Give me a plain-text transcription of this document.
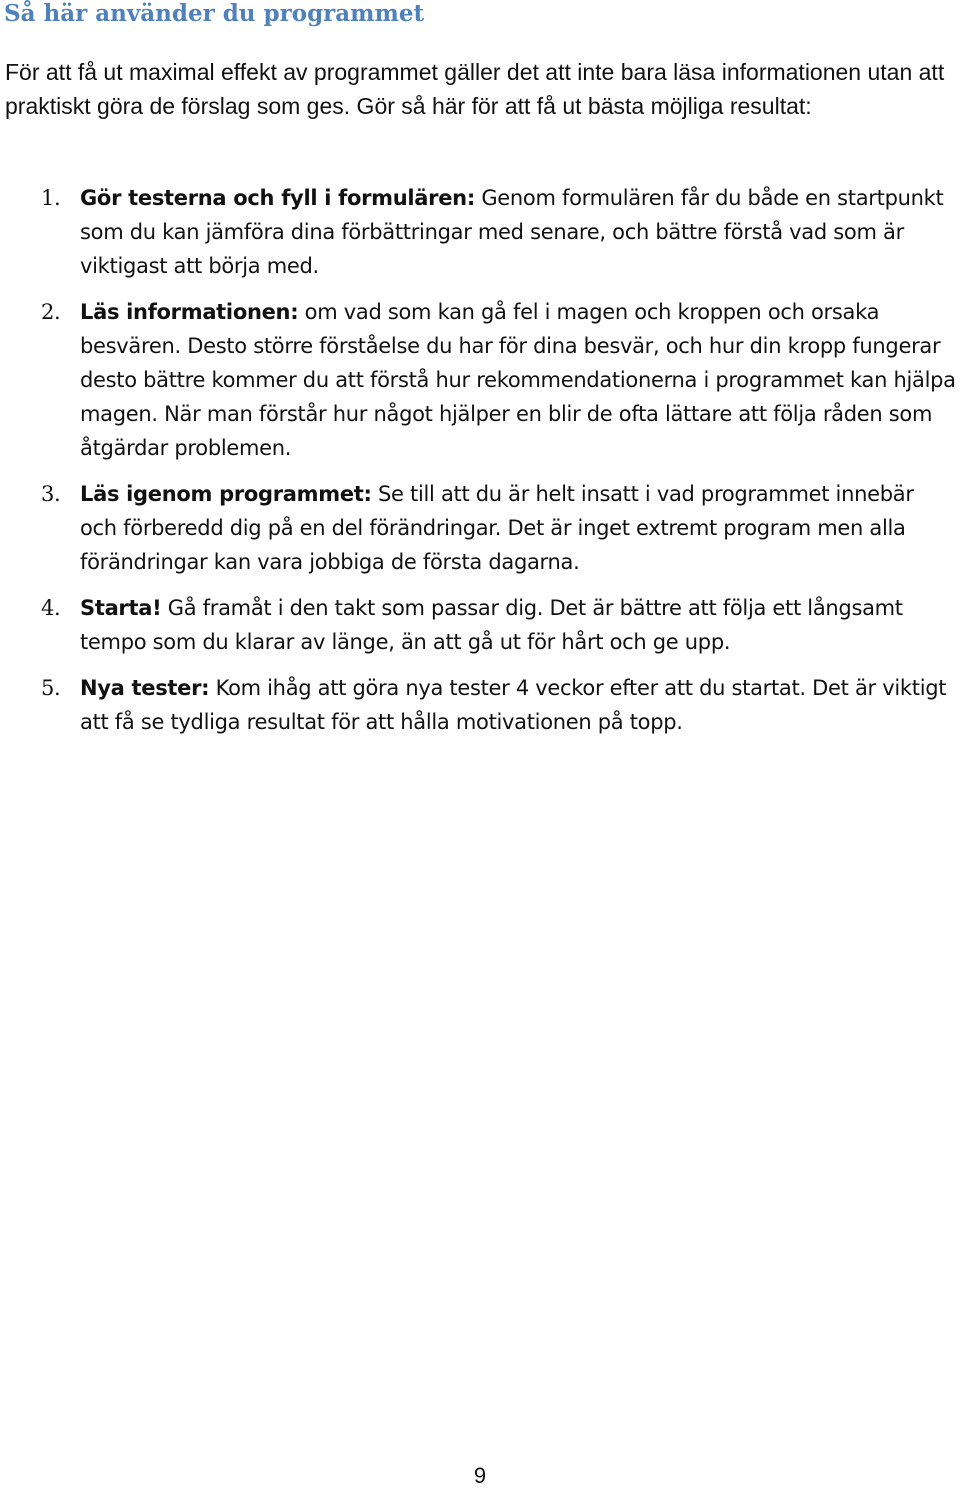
Så här använder du programmet

För att få ut maximal effekt av programmet gäller det att inte bara läsa informationen utan att praktiskt göra de förslag som ges. Gör så här för att få ut bästa möjliga resultat:

1. Gör testerna och fyll i formulären: Genom formulären får du både en startpunkt som du kan jämföra dina förbättringar med senare, och bättre förstå vad som är viktigast att börja med.
2. Läs informationen: om vad som kan gå fel i magen och kroppen och orsaka besvären. Desto större förståelse du har för dina besvär, och hur din kropp fungerar desto bättre kommer du att förstå hur rekommendationerna i programmet kan hjälpa magen. När man förstår hur något hjälper en blir de ofta lättare att följa råden som åtgärdar problemen.
3. Läs igenom programmet: Se till att du är helt insatt i vad programmet innebär och förberedd dig på en del förändringar. Det är inget extremt program men alla förändringar kan vara jobbiga de första dagarna.
4. Starta! Gå framåt i den takt som passar dig. Det är bättre att följa ett långsamt tempo som du klarar av länge, än att gå ut för hårt och ge upp.
5. Nya tester: Kom ihåg att göra nya tester 4 veckor efter att du startat. Det är viktigt att få se tydliga resultat för att hålla motivationen på topp.
9
